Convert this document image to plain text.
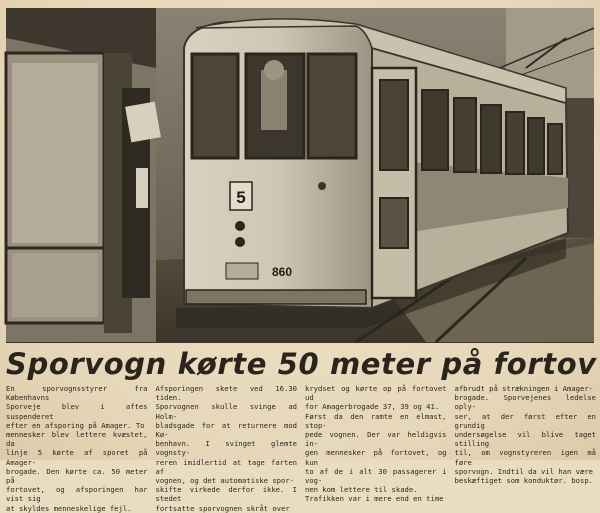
5
860
Sporvogn kørte 50 meter på fortov

En sporvognsstyrer fra Københavns
Sporveje blev i aftes suspenderet
efter en afsporing på Amager. To
mennesker blev lettere kvæstet, da
linje 5 kørte af sporet på Amager-
brogade. Den kørte ca. 50 meter på
fortovet, og afsporingen har vist sig
at skyldes menneskelige fejl.

Afsporingen skete ved 16.30 tiden.
Sporvognen skulle svinge ad Holm-
bladsgade for at returnere mod Kø-
benhavn. I svinget glemte vognsty-
reren imidlertid at tage farten af
vognen, og det automatiske spor-
skifte virkede derfor ikke. I stedet
fortsatte sporvognen skråt over

krydset og kørte op på fortovet ud
for Amagerbrogade 37, 39 og 41.
Først da den ramte en elmast, stop-
pede vognen. Der var heldigvis in-
gen mennesker på fortovet, og kun
to af de i alt 30 passagerer i vog-
nen kom lettere til skade.
Trafikken var i mere end en time

afbrudt på strækningen i Amager-
brogade. Sporvejenes ledelse oply-
ser, at der først efter en grundig
undersøgelse vil blive taget stilling
til, om vognstyreren igen må føre
sporvogn. Indtil da vil han være
beskæftiget som konduktør. bosp.
